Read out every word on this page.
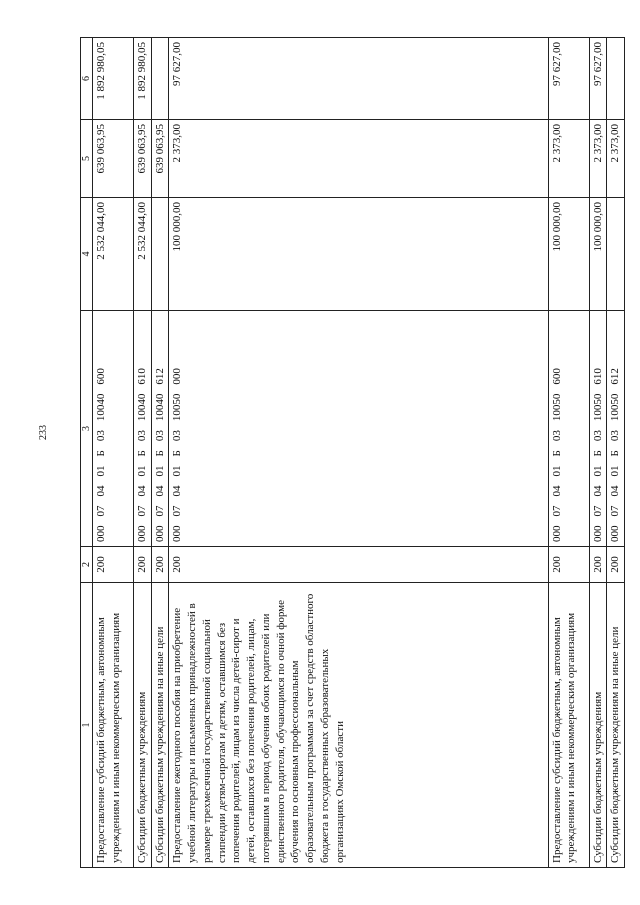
233
1	2	3	4	5	6
Предоставление субсидий бюджетным, автономным учреждениям и иным некоммерческим организациям	200	000070401Б0310040600	2 532 044,00	639 063,95	1 892 980,05
Субсидии бюджетным учреждениям	200	000070401Б0310040610	2 532 044,00	639 063,95	1 892 980,05
Субсидии бюджетным учреждениям на иные цели	200	000070401Б0310040612		639 063,95	
Предоставление ежегодного пособия на приобретение учебной литературы и письменных принадлежностей в размере трехмесячной государственной социальной стипендии детям-сиротам и детям, оставшимся без попечения родителей, лицам из числа детей-сирот и детей, оставшихся без попечения родителей, лицам, потерявшим в период обучения обоих родителей или единственного родителя, обучающимся по очной форме обучения по основным профессиональным образовательным программам за счет средств областного бюджета в государственных образовательных организациях Омской области	200	000070401Б0310050000	100 000,00	2 373,00	97 627,00
Предоставление субсидий бюджетным, автономным учреждениям и иным некоммерческим организациям	200	000070401Б0310050600	100 000,00	2 373,00	97 627,00
Субсидии бюджетным учреждениям	200	000070401Б0310050610	100 000,00	2 373,00	97 627,00
Субсидии бюджетным учреждениям на иные цели	200	000070401Б0310050612		2 373,00	
